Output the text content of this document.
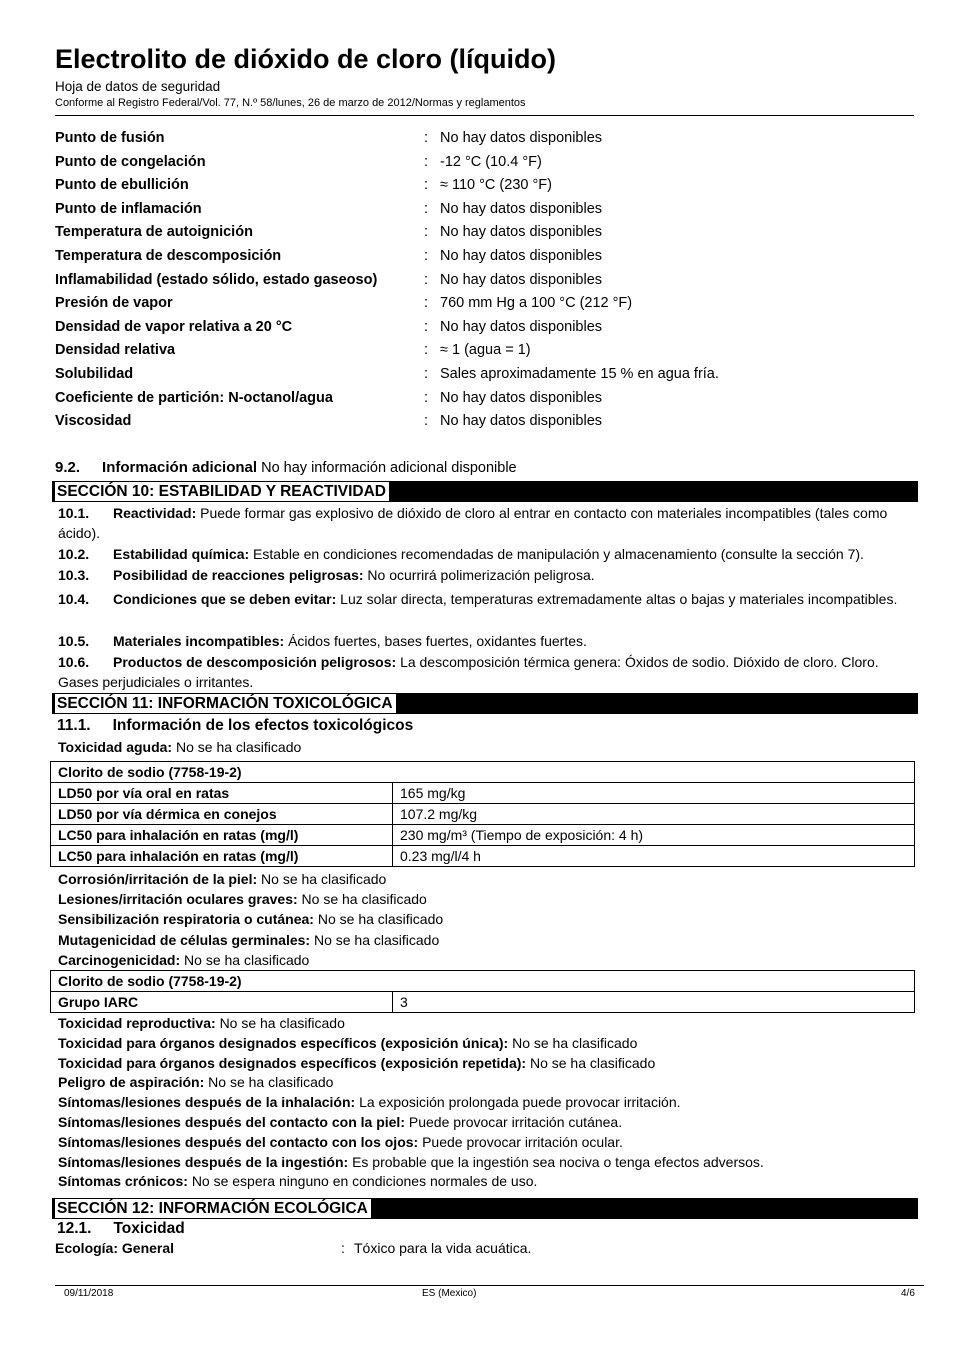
Electrolito de dióxido de cloro (líquido)
Hoja de datos de seguridad
Conforme al Registro Federal/Vol. 77, N.º 58/lunes, 26 de marzo de 2012/Normas y reglamentos
Punto de fusión	: No hay datos disponibles
Punto de congelación	: -12 °C (10.4 °F)
Punto de ebullición	: ≈ 110 °C (230 °F)
Punto de inflamación	: No hay datos disponibles
Temperatura de autoignición	: No hay datos disponibles
Temperatura de descomposición	: No hay datos disponibles
Inflamabilidad (estado sólido, estado gaseoso)	: No hay datos disponibles
Presión de vapor	: 760 mm Hg a 100 °C (212 °F)
Densidad de vapor relativa a 20 °C	: No hay datos disponibles
Densidad relativa	: ≈ 1 (agua = 1)
Solubilidad	: Sales aproximadamente 15 % en agua fría.
Coeficiente de partición: N-octanol/agua	: No hay datos disponibles
Viscosidad	: No hay datos disponibles
9.2. Información adicional No hay información adicional disponible
SECCIÓN 10: ESTABILIDAD Y REACTIVIDAD
10.1. Reactividad: Puede formar gas explosivo de dióxido de cloro al entrar en contacto con materiales incompatibles (tales como ácido).
10.2. Estabilidad química: Estable en condiciones recomendadas de manipulación y almacenamiento (consulte la sección 7).
10.3. Posibilidad de reacciones peligrosas: No ocurrirá polimerización peligrosa.
10.4.	Condiciones que se deben evitar: Luz solar directa, temperaturas extremadamente altas o bajas y materiales incompatibles.
10.5. Materiales incompatibles: Ácidos fuertes, bases fuertes, oxidantes fuertes.
10.6. Productos de descomposición peligrosos: La descomposición térmica genera: Óxidos de sodio. Dióxido de cloro. Cloro. Gases perjudiciales o irritantes.
SECCIÓN 11: INFORMACIÓN TOXICOLÓGICA
11.1. Información de los efectos toxicológicos
Toxicidad aguda: No se ha clasificado
Clorito de sodio (7758-19-2)	
LD50 por vía oral en ratas	165 mg/kg
LD50 por vía dérmica en conejos	107.2 mg/kg
LC50 para inhalación en ratas (mg/l)	230 mg/m³ (Tiempo de exposición: 4 h)
LC50 para inhalación en ratas (mg/l)	0.23 mg/l/4 h
Corrosión/irritación de la piel: No se ha clasificado
Lesiones/irritación oculares graves: No se ha clasificado
Sensibilización respiratoria o cutánea: No se ha clasificado
Mutagenicidad de células germinales: No se ha clasificado
Carcinogenicidad: No se ha clasificado
Clorito de sodio (7758-19-2)
Grupo IARC	3
Toxicidad reproductiva: No se ha clasificado
Toxicidad para órganos designados específicos (exposición única): No se ha clasificado
Toxicidad para órganos designados específicos (exposición repetida): No se ha clasificado
Peligro de aspiración: No se ha clasificado
Síntomas/lesiones después de la inhalación: La exposición prolongada puede provocar irritación.
Síntomas/lesiones después del contacto con la piel: Puede provocar irritación cutánea.
Síntomas/lesiones después del contacto con los ojos: Puede provocar irritación ocular.
Síntomas/lesiones después de la ingestión: Es probable que la ingestión sea nociva o tenga efectos adversos.
Síntomas crónicos: No se espera ninguno en condiciones normales de uso.
SECCIÓN 12: INFORMACIÓN ECOLÓGICA
12.1. Toxicidad
Ecología: General	: Tóxico para la vida acuática.
09/11/2018	ES (Mexico)	4/6
